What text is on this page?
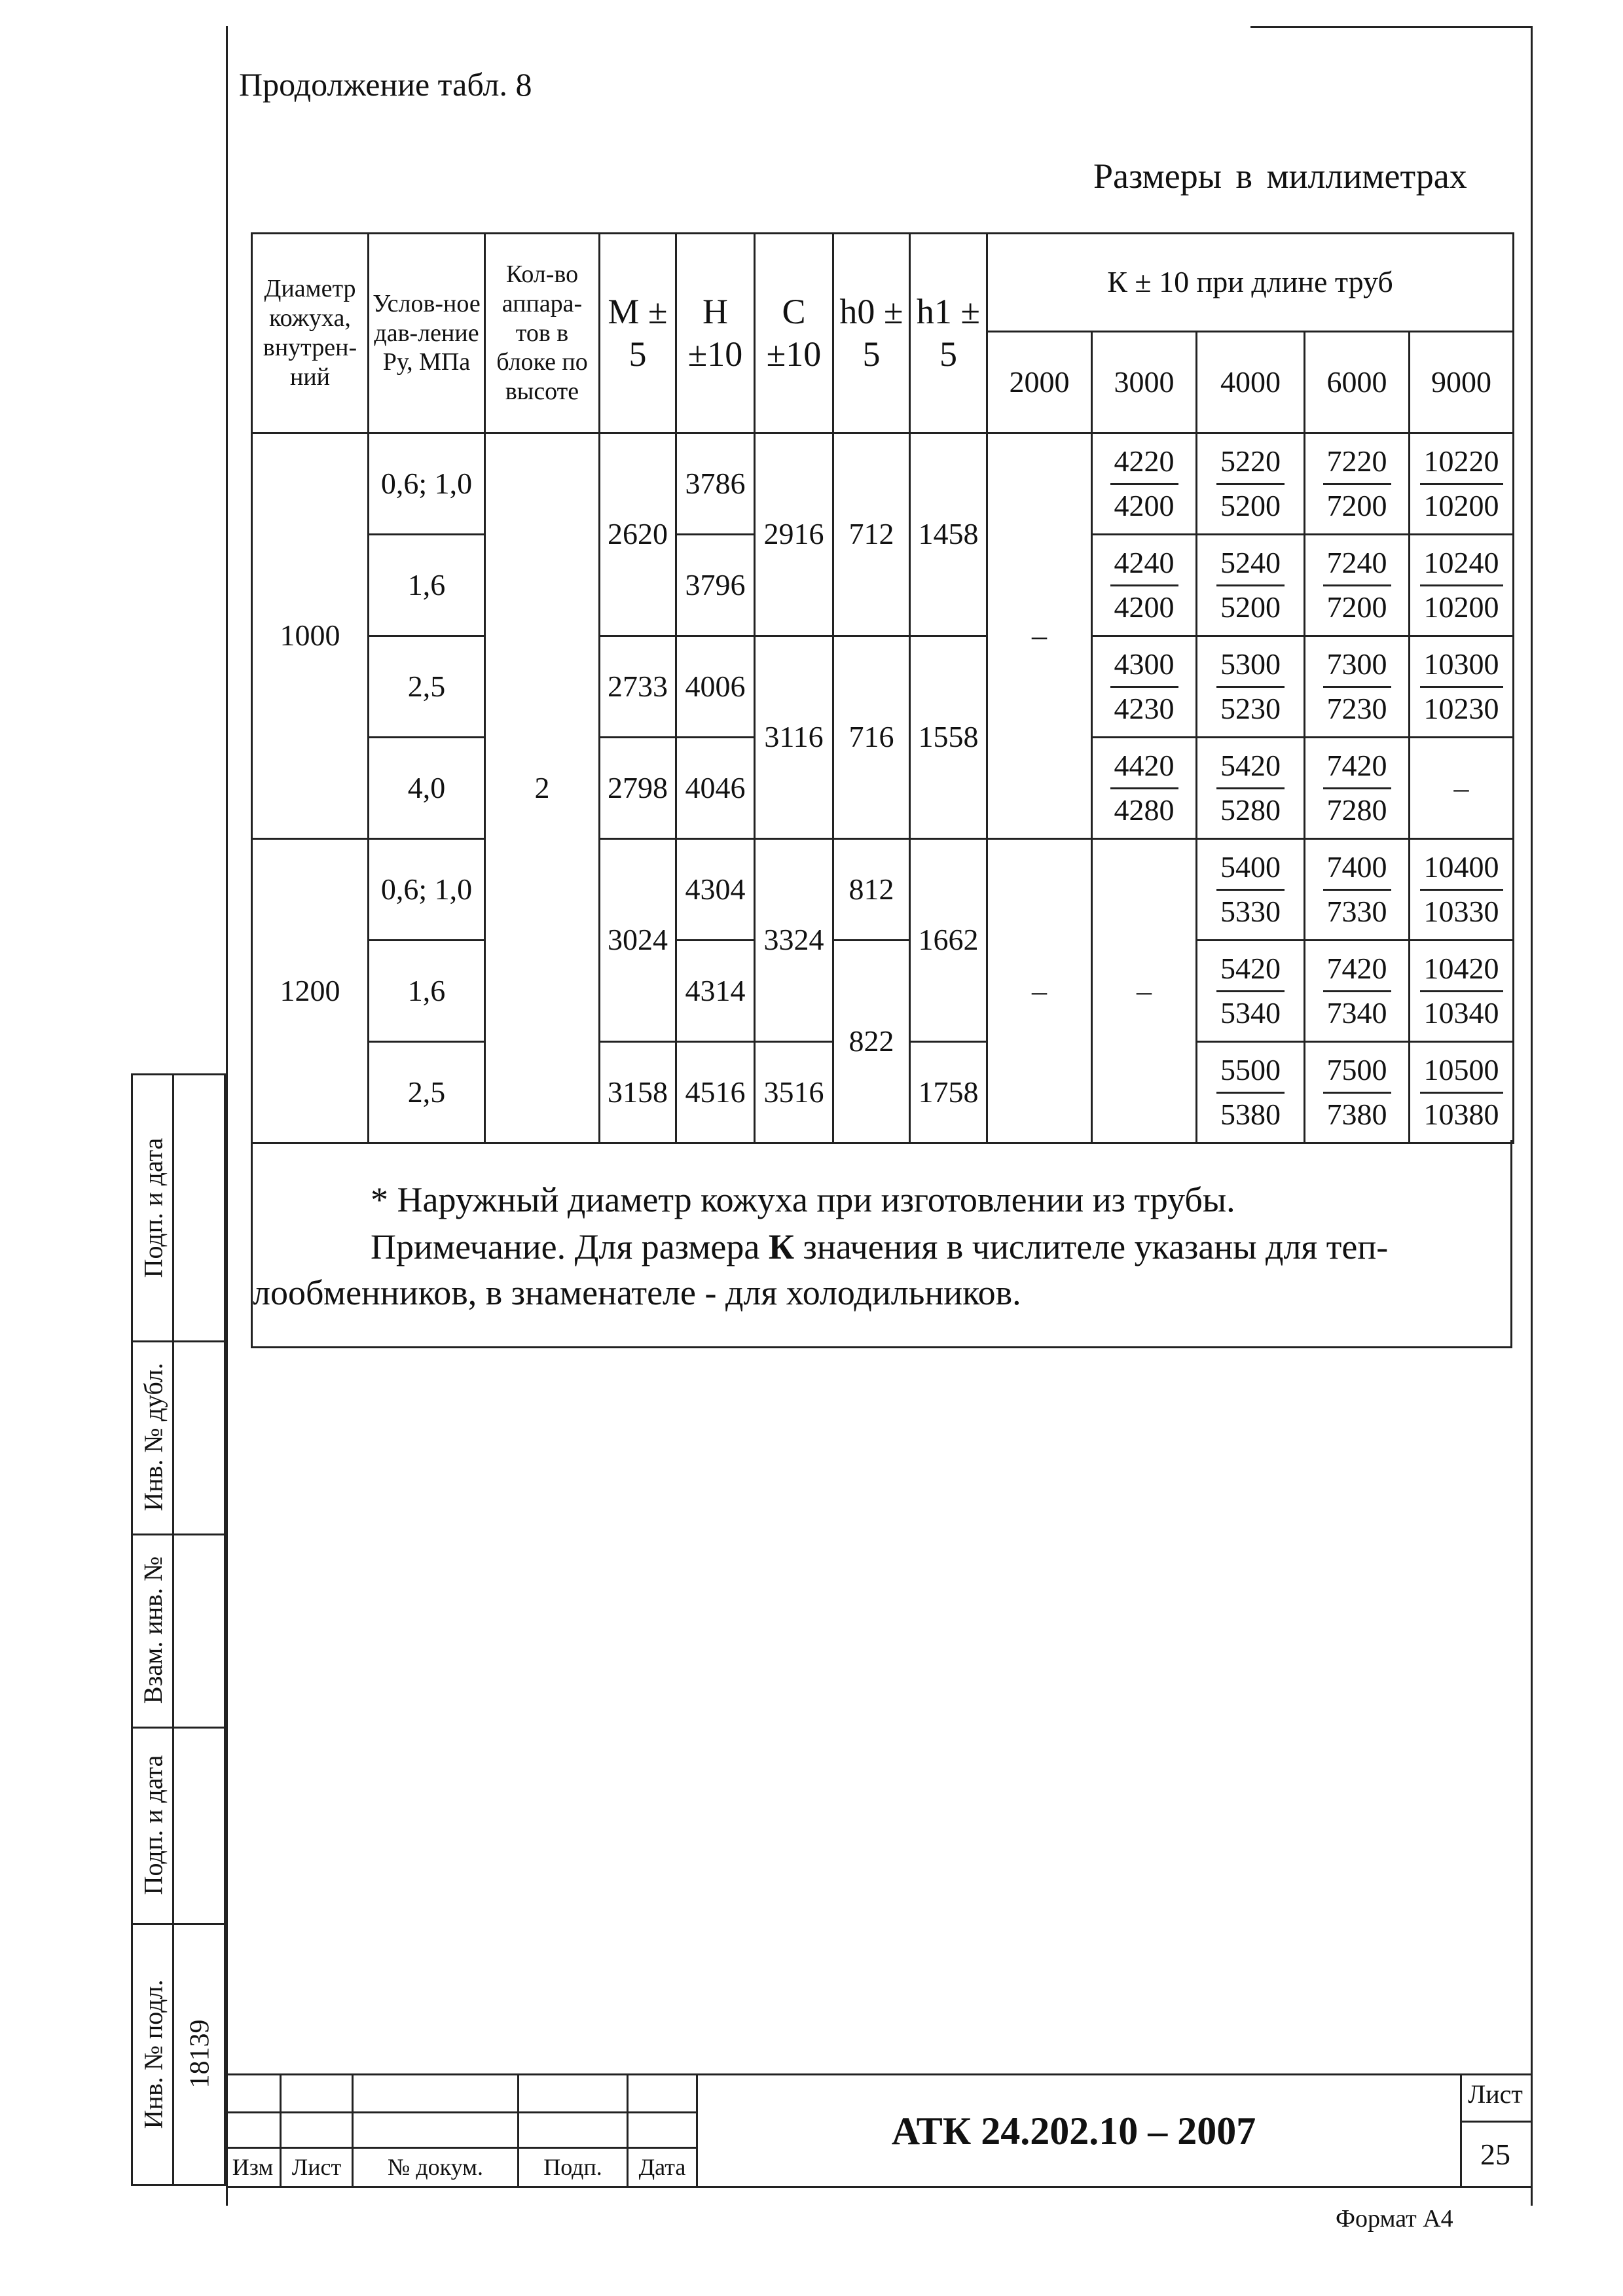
Продолжение табл. 8
Размеры в миллиметрах
Диаметр кожуха, внутрен-ний	Услов-ное дав-ление Ру, МПа	Кол-во аппара-тов в блоке по высоте	М ± 5	Н ±10	С ±10	h0 ± 5	h1 ± 5	К ± 10 при длине труб				
								2000	3000	4000	6000	9000
1000	0,6; 1,0	2	2620	3786	2916	712	1458	–	$\frac{4220}{4200}$	$\frac{5220}{5200}$	$\frac{7220}{7200}$	$\frac{10220}{10200}$

	1,6			3796					$\frac{4240}{4200}$	$\frac{5240}{5200}$	$\frac{7240}{7200}$	$\frac{10240}{10200}$

	2,5		2733	4006	3116	716	1558		$\frac{4300}{4230}$	$\frac{5300}{5230}$	$\frac{7300}{7230}$	$\frac{10300}{10230}$

	4,0		2798	4046					$\frac{4420}{4280}$	$\frac{5420}{5280}$	$\frac{7420}{7280}$	–

1200	0,6; 1,0		3024	4304	3324	812	1662	–	–	$\frac{5400}{5330}$	$\frac{7400}{7330}$	$\frac{10400}{10330}$

	1,6			4314		822				$\frac{5420}{5340}$	$\frac{7420}{7340}$	$\frac{10420}{10340}$

	2,5		3158	4516	3516		1758			$\frac{5500}{5380}$	$\frac{7500}{7380}$	$\frac{10500}{10380}$

* Наружный диаметр кожуха при изготовлении из трубы.
Примечание. Для размера К значения в числителе указаны для теп-
лообменников, в знаменателе - для холодильников.
Подп. и дата
Инв. № дубл.
Взам. инв. №
Подп. и дата
Инв. № подл. 18139
Изм Лист	№ докум.	Подп.	Дата
АТК 24.202.10 – 2007
Лист
25
Формат А4
